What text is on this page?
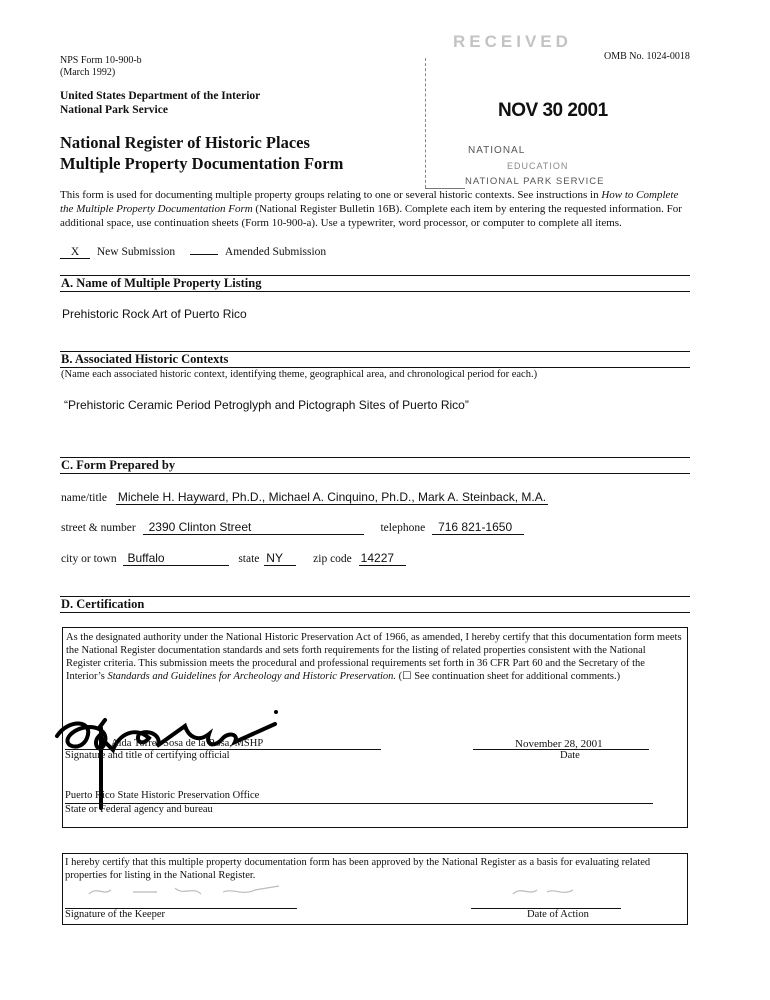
NPS Form 10-900-b
(March 1992)
OMB No. 1024-0018
United States Department of the Interior
National Park Service
National Register of Historic Places
Multiple Property Documentation Form
RECEIVED
NOV 30 2001
NATIONAL
EDUCATION
NATIONAL PARK SERVICE
This form is used for documenting multiple property groups relating to one or several historic contexts. See instructions in How to Complete the Multiple Property Documentation Form (National Register Bulletin 16B). Complete each item by entering the requested information. For additional space, use continuation sheets (Form 10-900-a). Use a typewriter, word processor, or computer to complete all items.
X New Submission	Amended Submission
A. Name of Multiple Property Listing
Prehistoric Rock Art of Puerto Rico
B. Associated Historic Contexts
(Name each associated historic context, identifying theme, geographical area, and chronological period for each.)
“Prehistoric Ceramic Period Petroglyph and Pictograph Sites of Puerto Rico”
C. Form Prepared by
name/title Michele H. Hayward, Ph.D., Michael A. Cinquino, Ph.D., Mark A. Steinback, M.A.
street & number 2390 Clinton Street	telephone 716 821-1650
city or town Buffalo	state NY	zip code 14227
D. Certification
As the designated authority under the National Historic Preservation Act of 1966, as amended, I hereby certify that this documentation form meets the National Register documentation standards and sets forth requirements for the listing of related properties consistent with the National Register criteria. This submission meets the procedural and professional requirements set forth in 36 CFR Part 60 and the Secretary of the Interior’s Standards and Guidelines for Archeology and Historic Preservation. (☐ See continuation sheet for additional comments.)
Aida Torres Sosa de la Rosa, MSHP
Signature and title of certifying official
November 28, 2001
Date
Puerto Rico State Historic Preservation Office
State or Federal agency and bureau
I hereby certify that this multiple property documentation form has been approved by the National Register as a basis for evaluating related properties for listing in the National Register.
Signature of the Keeper	Date of Action
